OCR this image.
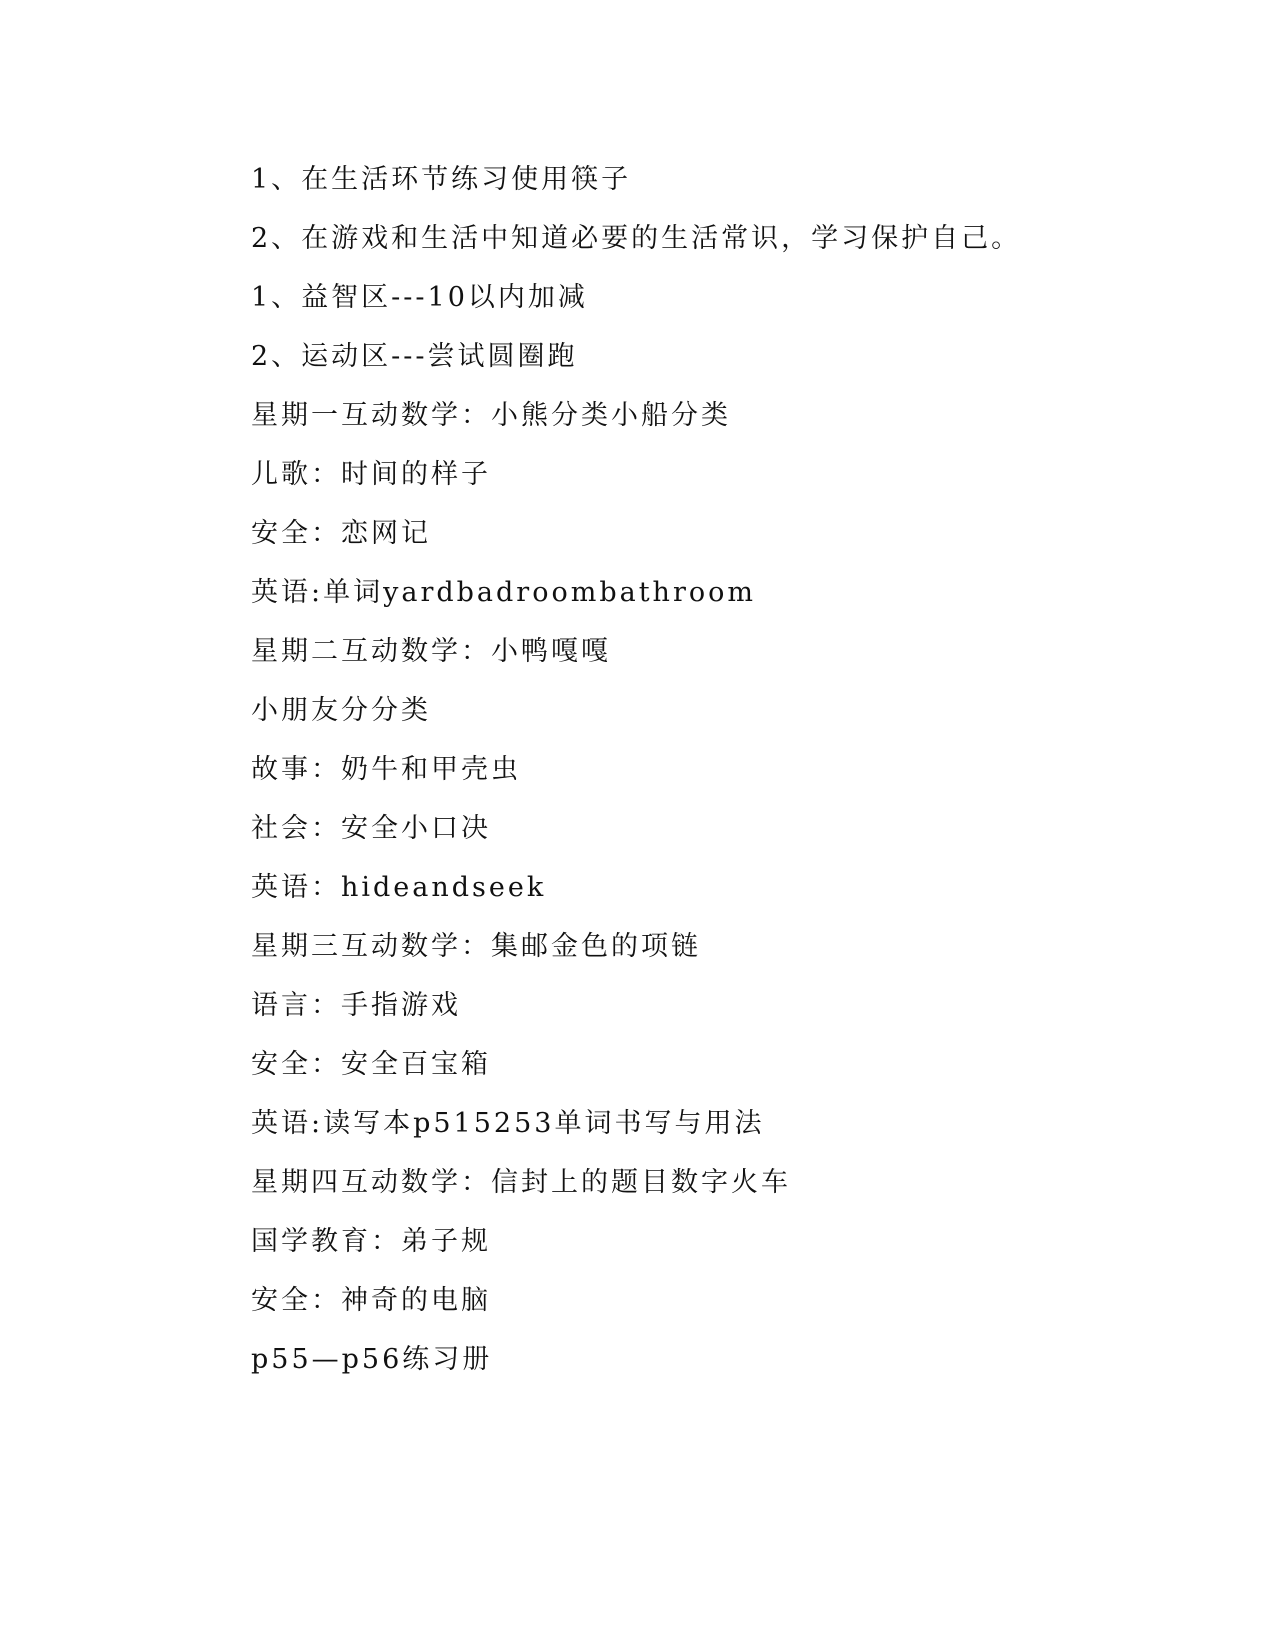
1、在生活环节练习使用筷子
2、在游戏和生活中知道必要的生活常识，学习保护自己。
1、益智区---10以内加减
2、运动区---尝试圆圈跑
星期一互动数学：小熊分类小船分类
儿歌：时间的样子
安全：恋网记
英语:单词yardbadroombathroom
星期二互动数学：小鸭嘎嘎
小朋友分分类
故事：奶牛和甲壳虫
社会：安全小口决
英语：hideandseek
星期三互动数学：集邮金色的项链
语言：手指游戏
安全：安全百宝箱
英语:读写本p515253单词书写与用法
星期四互动数学：信封上的题目数字火车
国学教育：弟子规
安全：神奇的电脑
p55—p56练习册
